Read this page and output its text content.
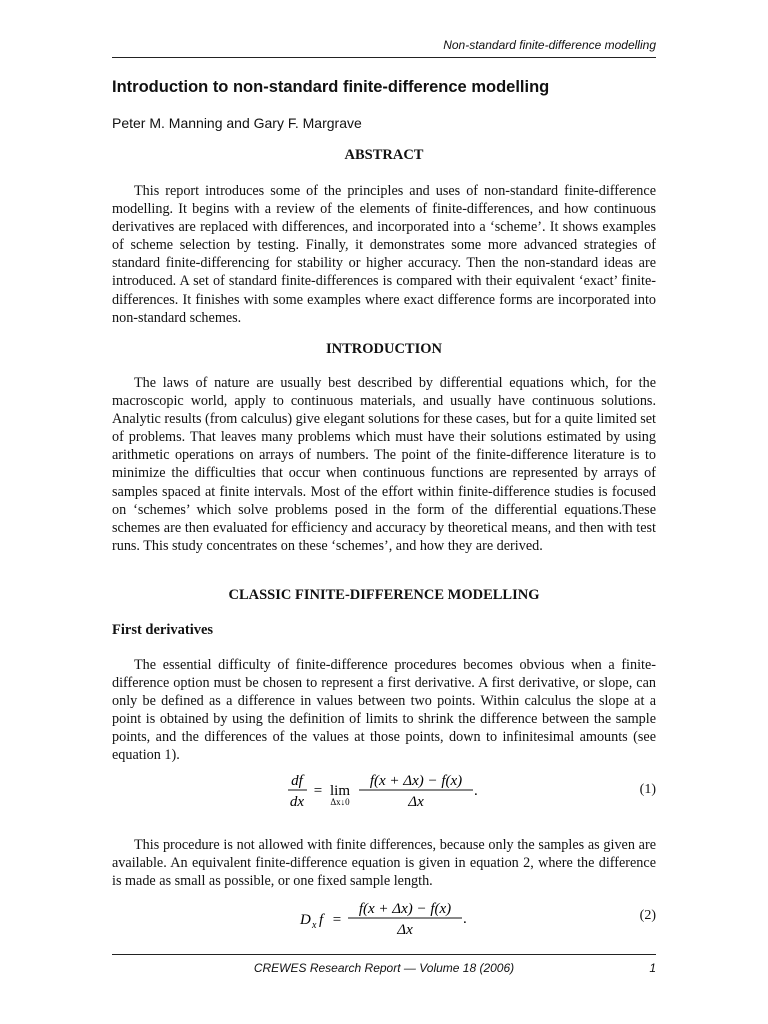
Non-standard finite-difference modelling
Introduction to non-standard finite-difference modelling
Peter M. Manning and Gary F. Margrave
ABSTRACT

This report introduces some of the principles and uses of non-standard finite-difference modelling. It begins with a review of the elements of finite-differences, and how continuous derivatives are replaced with differences, and incorporated into a ‘scheme’. It shows examples of scheme selection by testing. Finally, it demonstrates some more advanced strategies of standard finite-differencing for stability or higher accuracy. Then the non-standard ideas are introduced. A set of standard finite-differences is compared with their equivalent ‘exact’ finite-differences. It finishes with some examples where exact difference forms are incorporated into non-standard schemes.

INTRODUCTION

The laws of nature are usually best described by differential equations which, for the macroscopic world, apply to continuous materials, and usually have continuous solutions. Analytic results (from calculus) give elegant solutions for these cases, but for a quite limited set of problems. That leaves many problems which must have their solutions estimated by using arithmetic operations on arrays of numbers. The point of the finite-difference literature is to minimize the difficulties that occur when continuous functions are represented by arrays of samples spaced at finite intervals. Most of the effort within finite-difference studies is focused on ‘schemes’ which solve problems posed in the form of the differential equations.These schemes are then evaluated for efficiency and accuracy by theoretical means, and then with test runs. This study concentrates on these ‘schemes’, and how they are derived.

CLASSIC FINITE-DIFFERENCE MODELLING
First derivatives

The essential difficulty of finite-difference procedures becomes obvious when a finite-difference option must be chosen to represent a first derivative. A first derivative, or slope, can only be defined as a difference in values between two points. Within calculus the slope at a point is obtained by using the definition of limits to shrink the difference between the sample points, and the differences of the values at those points, down to infinitesimal amounts (see equation 1).

df
dx
= lim
Δx↓0
f(x + Δx) − f(x)
Δx
.	(1)

This procedure is not allowed with finite differences, because only the samples as given are available. An equivalent finite-difference equation is given in equation 2, where the difference is made as small as possible, or one fixed sample length.

D x f =
f(x + Δx) − f(x)
Δx
.	(2)
CREWES Research Report — Volume 18 (2006)	1
